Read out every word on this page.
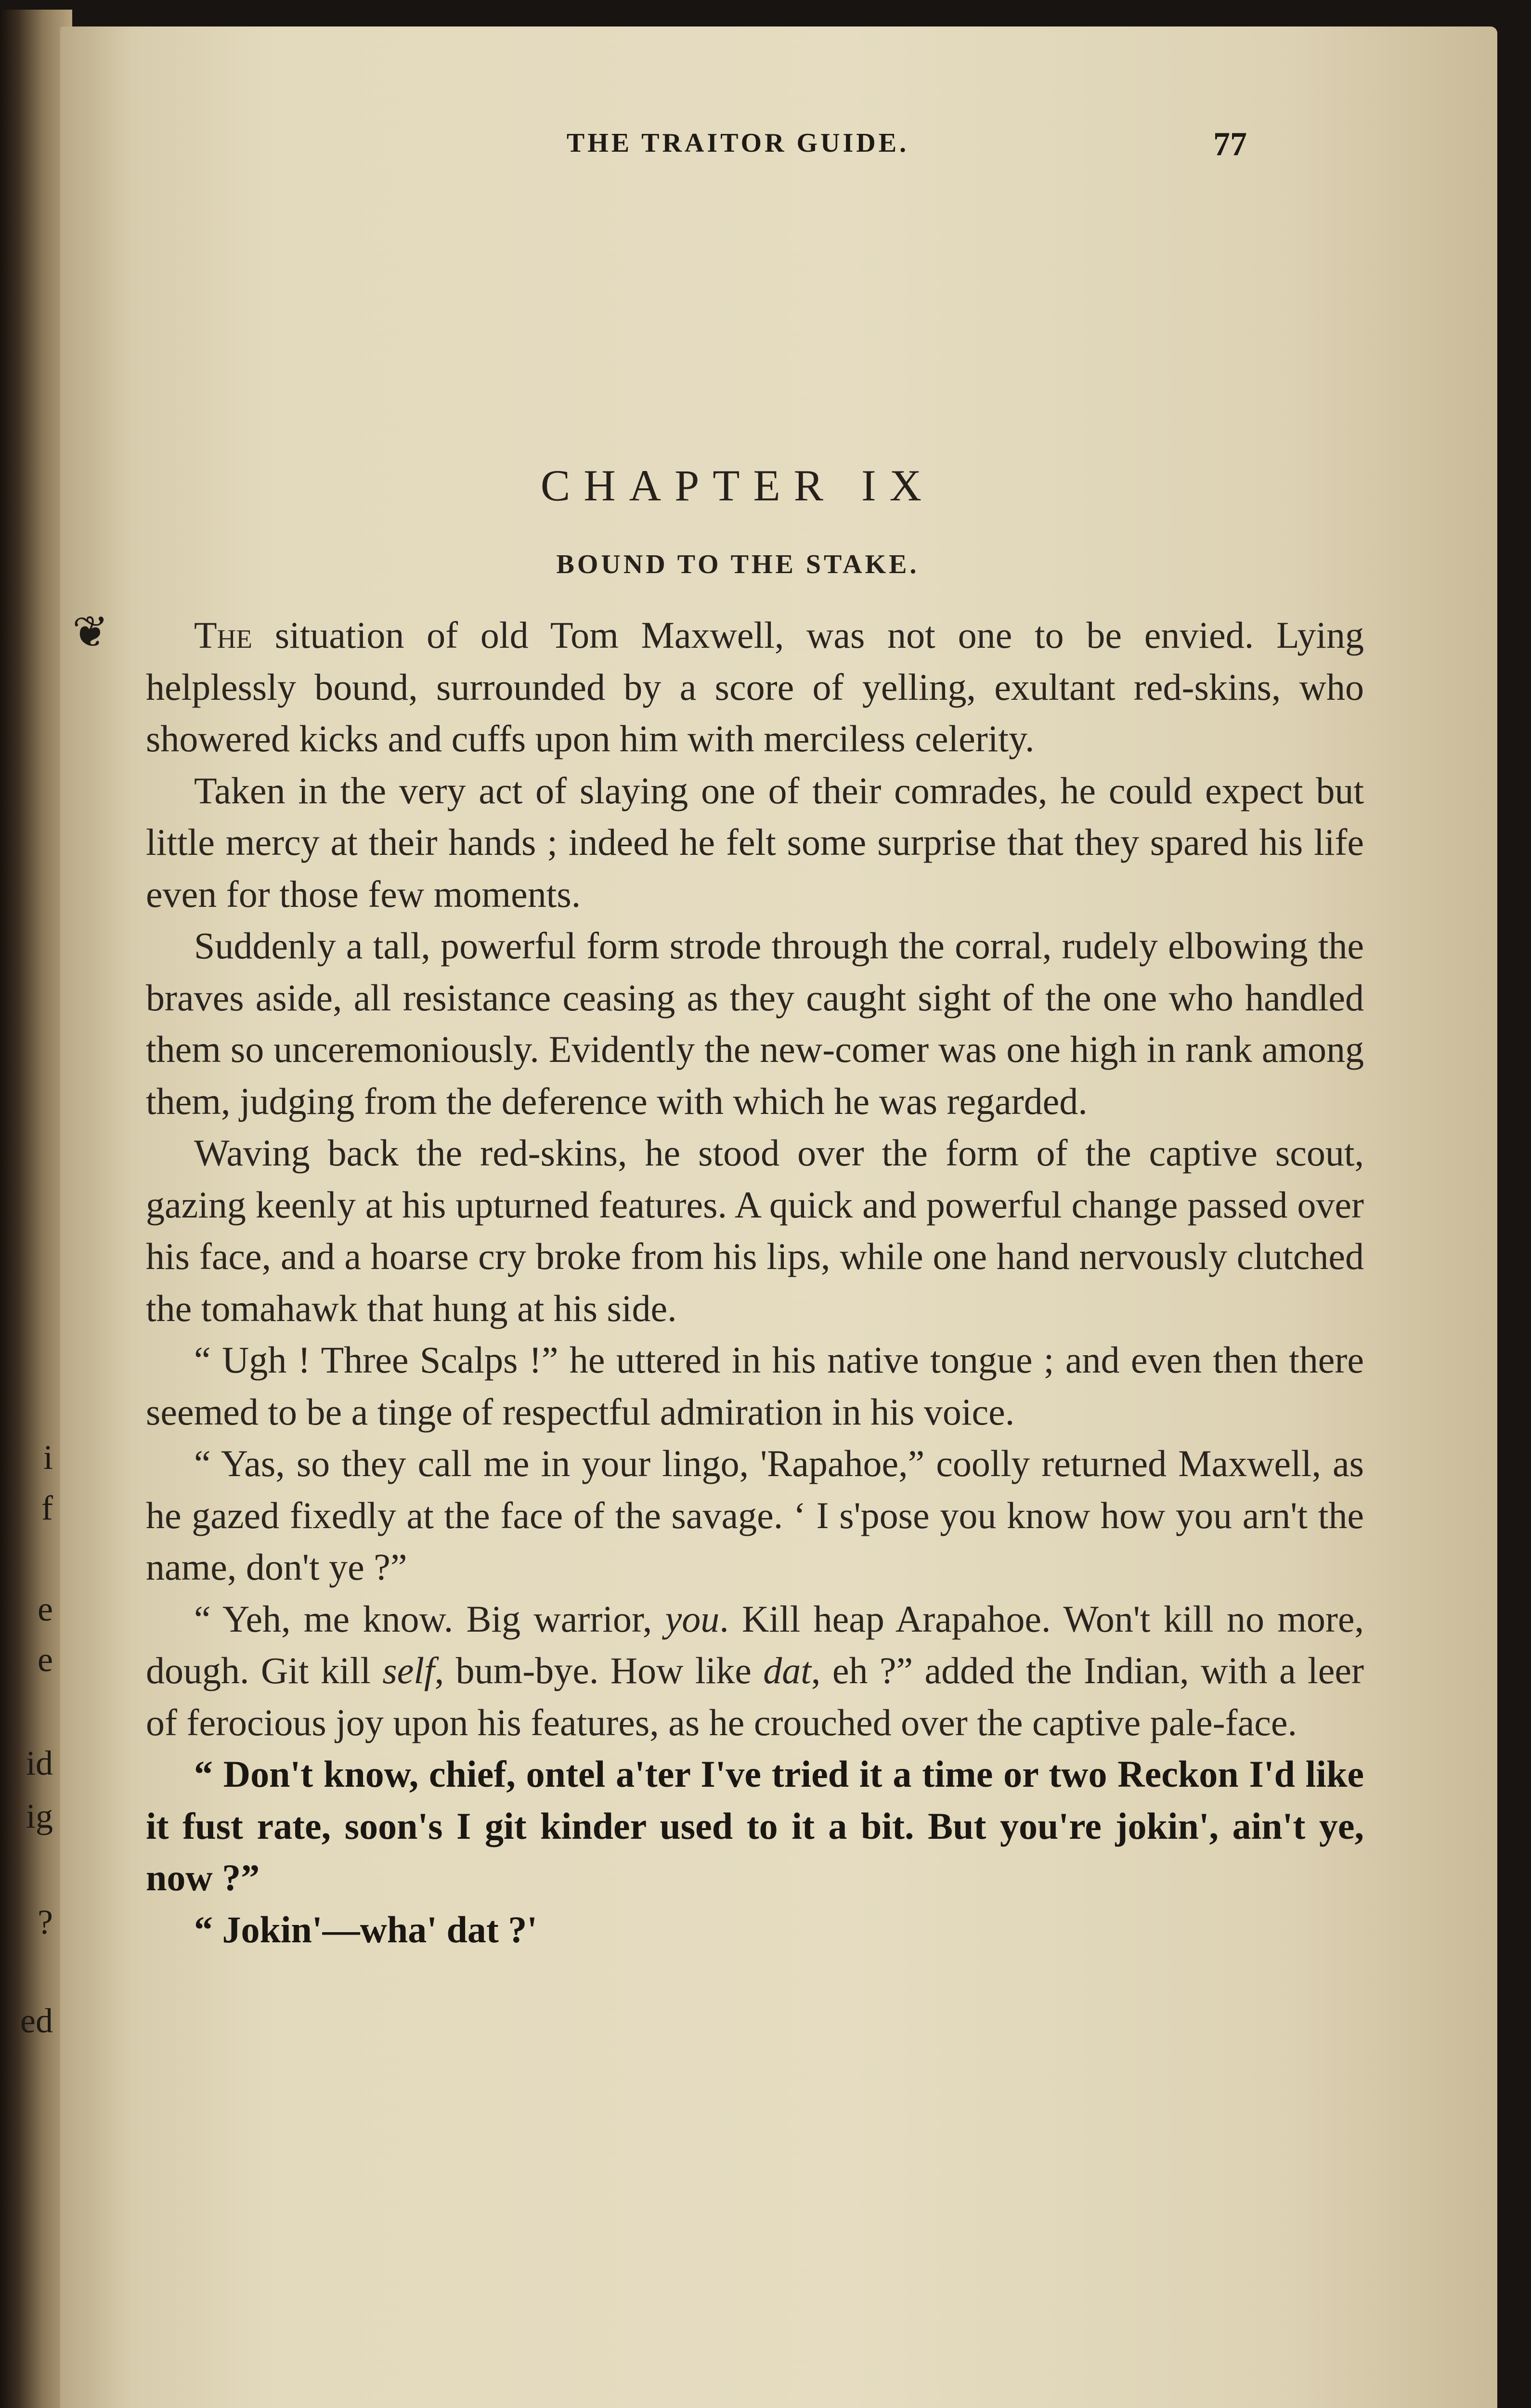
i
f
e
e
id
ig
?
ed
THE TRAITOR GUIDE.	77
CHAPTER IX
BOUND TO THE STAKE.
❦	The situation of old Tom Maxwell, was not one to be envied. Lying helplessly bound, surrounded by a score of yelling, exultant red-skins, who showered kicks and cuffs upon him with merciless celerity.

Taken in the very act of slaying one of their comrades, he could expect but little mercy at their hands ; indeed he felt some surprise that they spared his life even for those few moments.

Suddenly a tall, powerful form strode through the corral, rudely elbowing the braves aside, all resistance ceasing as they caught sight of the one who handled them so unceremoniously. Evidently the new-comer was one high in rank among them, judging from the deference with which he was regarded.

Waving back the red-skins, he stood over the form of the captive scout, gazing keenly at his upturned features. A quick and powerful change passed over his face, and a hoarse cry broke from his lips, while one hand nervously clutched the tomahawk that hung at his side.

“ Ugh ! Three Scalps !” he uttered in his native tongue ; and even then there seemed to be a tinge of respectful admiration in his voice.

“ Yas, so they call me in your lingo, 'Rapahoe,” coolly returned Maxwell, as he gazed fixedly at the face of the savage. ‘ I s'pose you know how you arn't the name, don't ye ?”

“ Yeh, me know. Big warrior, you. Kill heap Arapahoe. Won't kill no more, dough. Git kill self, bum-bye. How like dat, eh ?” added the Indian, with a leer of ferocious joy upon his features, as he crouched over the captive pale-face.

“ Don't know, chief, ontel a'ter I've tried it a time or two Reckon I'd like it fust rate, soon's I git kinder used to it a bit. But you're jokin', ain't ye, now ?”

“ Jokin'—wha' dat ?'
